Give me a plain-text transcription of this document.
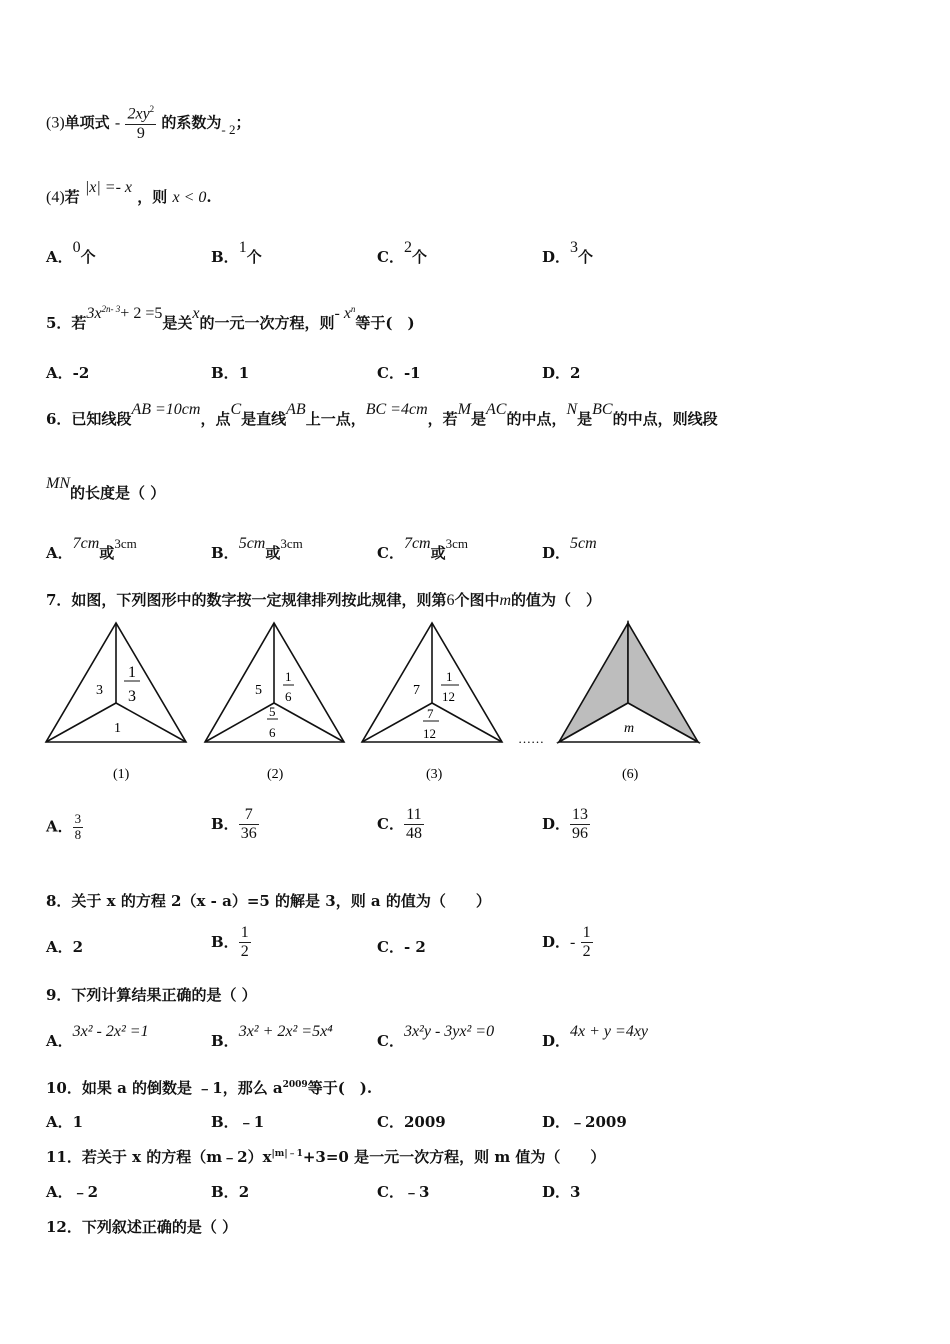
(3)单项式 - $\frac{2xy^2}{9}$ 的系数为- 2；
(4)若 |x| =- x ，则 x < 0.
A．0个	B．1个	C．2个	D．3个
5．若$3x^{2n- 3}+ 2 =5$是关x的一元一次方程，则- $x^n$等于(　)
A．-2	B．1	C．-1	D．2
6．已知线段AB =10cm，点C是直线AB上一点，BC =4cm，若M是AC的中点，N是BC的中点，则线段
MN的长度是（ ）
A．7cm或3cm
B．5cm或3cm
C．7cm或3cm
D．5cm
7．如图，下列图形中的数字按一定规律排列按此规律，则第6个图中m的值为（　）
3
1
3
1
(1)
5
1
6
5
6
(2)
7
1
12
7
12
(3)
……
m
(6)
A． $\frac{3}{8}$	B． $\frac{7}{36}$	C． $\frac{11}{48}$	D． $\frac{13}{96}$
8．关于 x 的方程 2（x - a）=5 的解是 3，则 a 的值为（　　）
A．2	B． $\frac{1}{2}$	C．- 2	D．- $\frac{1}{2}$
9．下列计算结果正确的是（ ）
A．3x² - 2x² =1
B．3x² + 2x² =5x⁴
C．3x²y - 3yx² =0
D．4x + y =4xy
10．如果 a 的倒数是 ﹣1，那么 $a^{2009}$等于(　).
A．1	B．﹣1	C．2009	D．﹣2009
11．若关于 x 的方程$(m﹣2)x^{|m|﹣1}+3=0$ 是一元一次方程，则 m 值为（　　）
A．﹣2	B．2	C．﹣3	D．3
12．下列叙述正确的是（ ）
